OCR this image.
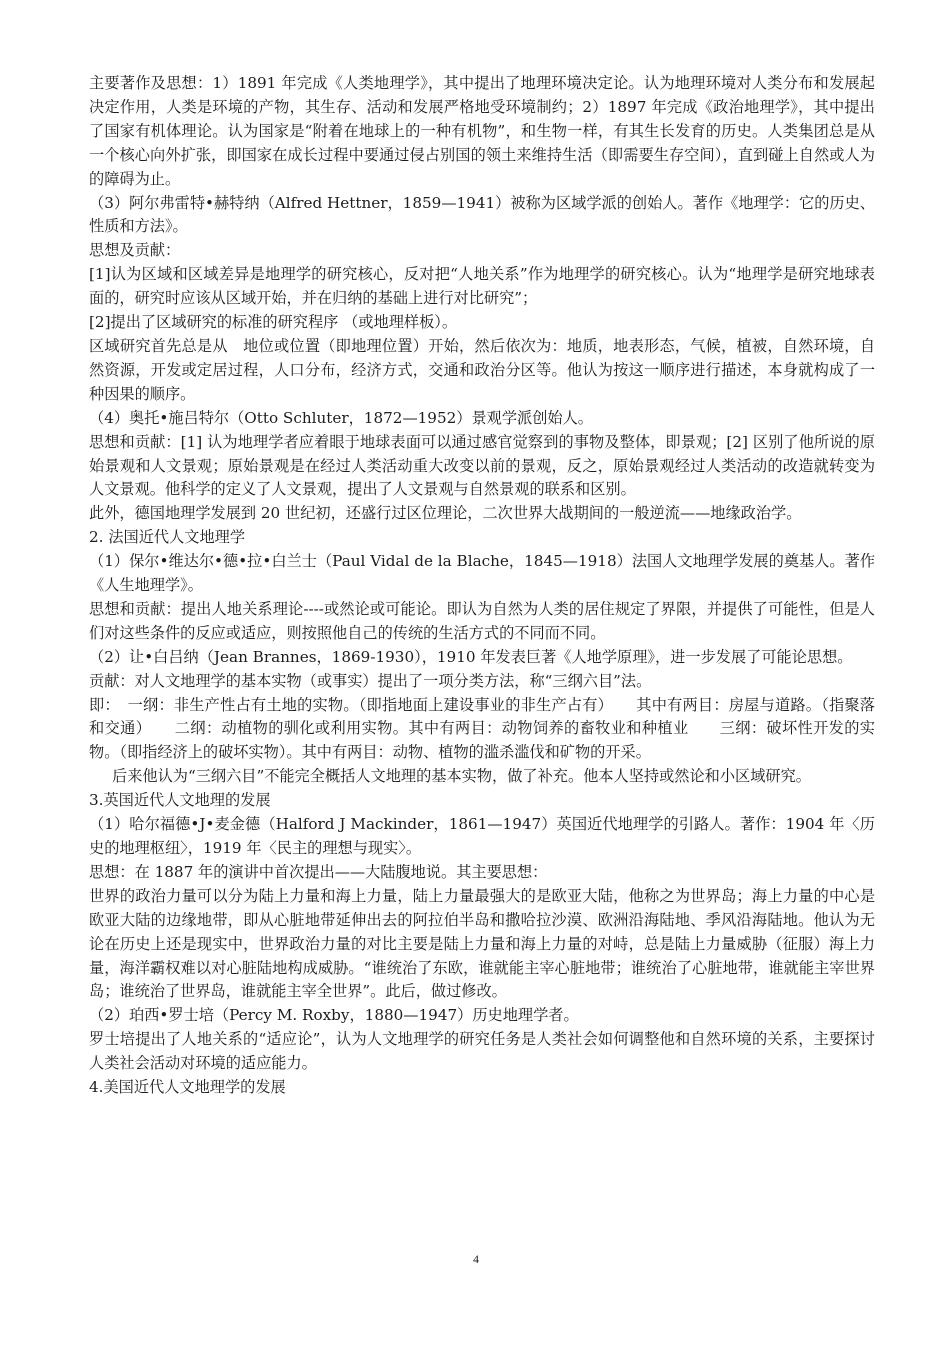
主要著作及思想：1）1891 年完成《人类地理学》，其中提出了地理环境决定论。认为地理环境对人类分布和发展起决定作用，人类是环境的产物，其生存、活动和发展严格地受环境制约；2）1897 年完成《政治地理学》，其中提出了国家有机体理论。认为国家是“附着在地球上的一种有机物”，和生物一样，有其生长发育的历史。人类集团总是从一个核心向外扩张，即国家在成长过程中要通过侵占别国的领土来维持生活（即需要生存空间），直到碰上自然或人为的障碍为止。

（3）阿尔弗雷特•赫特纳（Alfred Hettner，1859—1941）被称为区域学派的创始人。著作《地理学：它的历史、性质和方法》。

思想及贡献：

[1]认为区域和区域差异是地理学的研究核心，反对把“人地关系”作为地理学的研究核心。认为“地理学是研究地球表面的，研究时应该从区域开始，并在归纳的基础上进行对比研究”；

[2]提出了区域研究的标准的研究程序 （或地理样板）。

区域研究首先总是从　地位或位置（即地理位置）开始，然后依次为：地质，地表形态，气候，植被，自然环境，自然资源，开发或定居过程，人口分布，经济方式，交通和政治分区等。他认为按这一顺序进行描述，本身就构成了一种因果的顺序。

（4）奥托•施吕特尔（Otto Schluter，1872—1952）景观学派创始人。

思想和贡献：[1] 认为地理学者应着眼于地球表面可以通过感官觉察到的事物及整体，即景观；[2] 区别了他所说的原始景观和人文景观；原始景观是在经过人类活动重大改变以前的景观，反之，原始景观经过人类活动的改造就转变为人文景观。他科学的定义了人文景观，提出了人文景观与自然景观的联系和区别。

此外，德国地理学发展到 20 世纪初，还盛行过区位理论，二次世界大战期间的一般逆流——地缘政治学。

2. 法国近代人文地理学

（1）保尔•维达尔•德•拉•白兰士（Paul Vidal de la Blache，1845—1918）法国人文地理学发展的奠基人。著作《人生地理学》。

思想和贡献：提出人地关系理论----或然论或可能论。即认为自然为人类的居住规定了界限，并提供了可能性，但是人们对这些条件的反应或适应，则按照他自己的传统的生活方式的不同而不同。

（2）让•白吕纳（Jean Brannes，1869-1930），1910 年发表巨著《人地学原理》，进一步发展了可能论思想。

贡献：对人文地理学的基本实物（或事实）提出了一项分类方法，称“三纲六目”法。

即：　一纲：非生产性占有土地的实物。（即指地面上建设事业的非生产占有）　　其中有两目：房屋与道路。（指聚落和交通）　　二纲：动植物的驯化或利用实物。其中有两目：动物饲养的畜牧业和种植业　　三纲：破坏性开发的实物。（即指经济上的破坏实物）。其中有两目：动物、植物的滥杀滥伐和矿物的开采。

后来他认为“三纲六目”不能完全概括人文地理的基本实物，做了补充。他本人坚持或然论和小区域研究。

3.英国近代人文地理的发展

（1）哈尔福德•J•麦金德（Halford J Mackinder，1861—1947）英国近代地理学的引路人。著作：1904 年〈历史的地理枢纽〉，1919 年〈民主的理想与现实〉。

思想：在 1887 年的演讲中首次提出——大陆腹地说。其主要思想：

世界的政治力量可以分为陆上力量和海上力量，陆上力量最强大的是欧亚大陆，他称之为世界岛；海上力量的中心是欧亚大陆的边缘地带，即从心脏地带延伸出去的阿拉伯半岛和撒哈拉沙漠、欧洲沿海陆地、季风沿海陆地。他认为无论在历史上还是现实中，世界政治力量的对比主要是陆上力量和海上力量的对峙，总是陆上力量威胁（征服）海上力量，海洋霸权难以对心脏陆地构成威胁。“谁统治了东欧，谁就能主宰心脏地带；谁统治了心脏地带，谁就能主宰世界岛；谁统治了世界岛，谁就能主宰全世界”。此后，做过修改。

（2）珀西•罗士培（Percy M. Roxby，1880—1947）历史地理学者。

罗士培提出了人地关系的“适应论”，认为人文地理学的研究任务是人类社会如何调整他和自然环境的关系，主要探讨人类社会活动对环境的适应能力。

4.美国近代人文地理学的发展

4
